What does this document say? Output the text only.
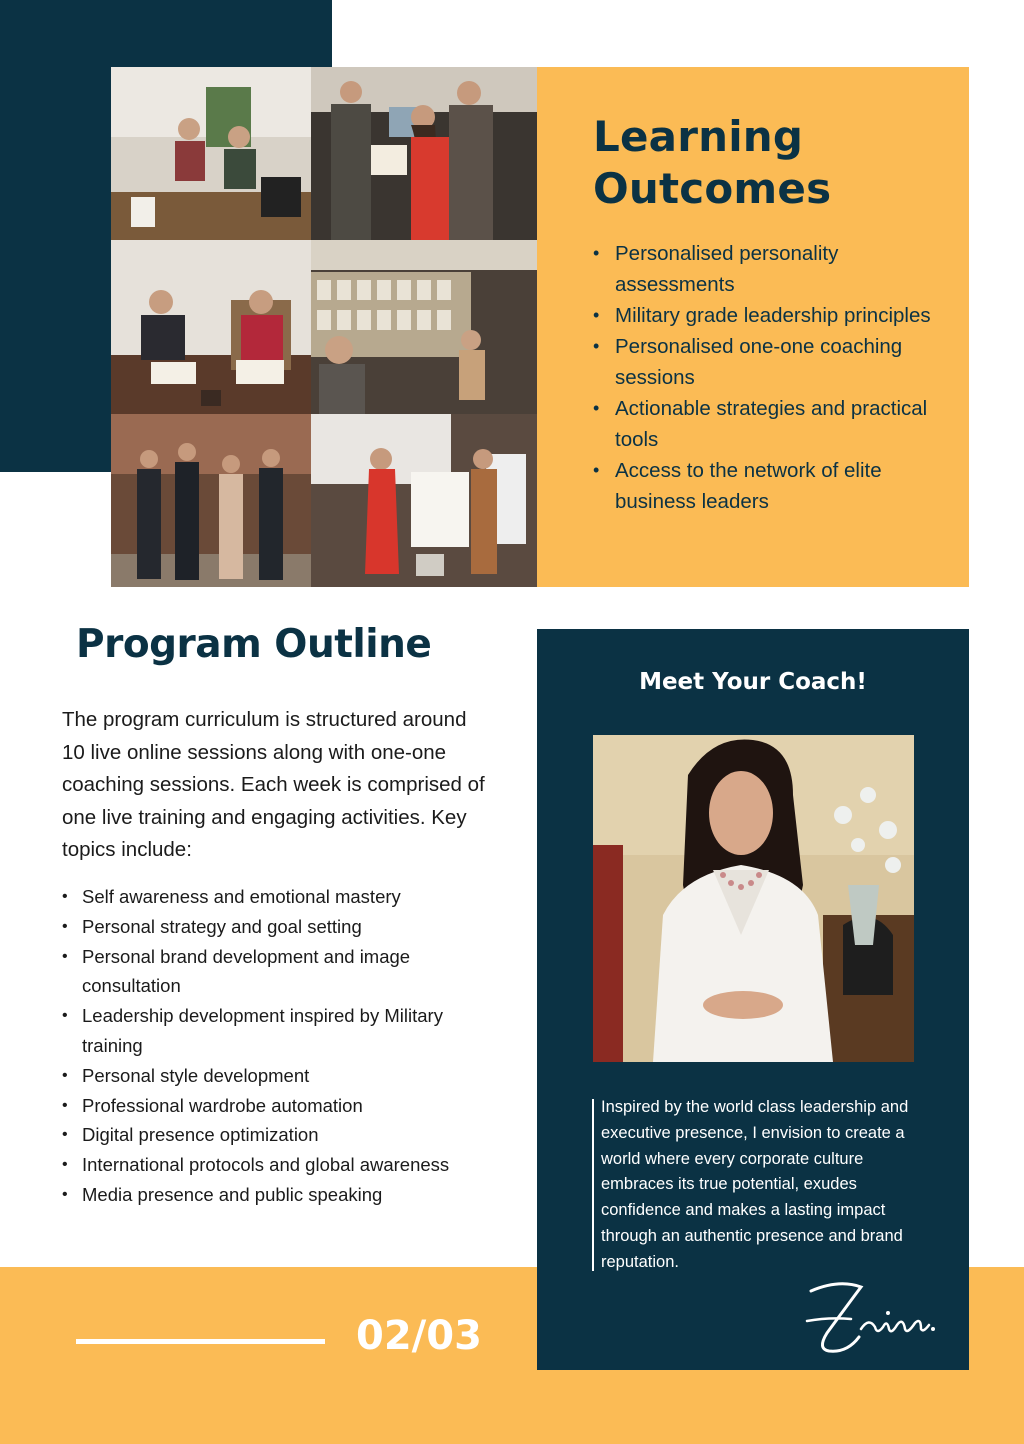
Learning
Outcomes
• Personalised personality assessments
• Military grade leadership principles
• Personalised one-one coaching sessions
• Actionable strategies and practical tools
• Access to the network of elite business leaders
Program Outline

The program curriculum is structured around 10 live online sessions along with one-one coaching sessions. Each week is comprised of one live training and engaging activities. Key topics include:

• Self awareness and emotional mastery
• Personal strategy and goal setting
• Personal brand development and image consultation
• Leadership development inspired by Military training
• Personal style development
• Professional wardrobe automation
• Digital presence optimization
• International protocols and global awareness
• Media presence and public speaking
02/03
Meet Your Coach!

Inspired by the world class leadership and executive presence, I envision to create a world where every corporate culture embraces its true potential, exudes confidence and makes a lasting impact through an authentic presence and brand reputation.
